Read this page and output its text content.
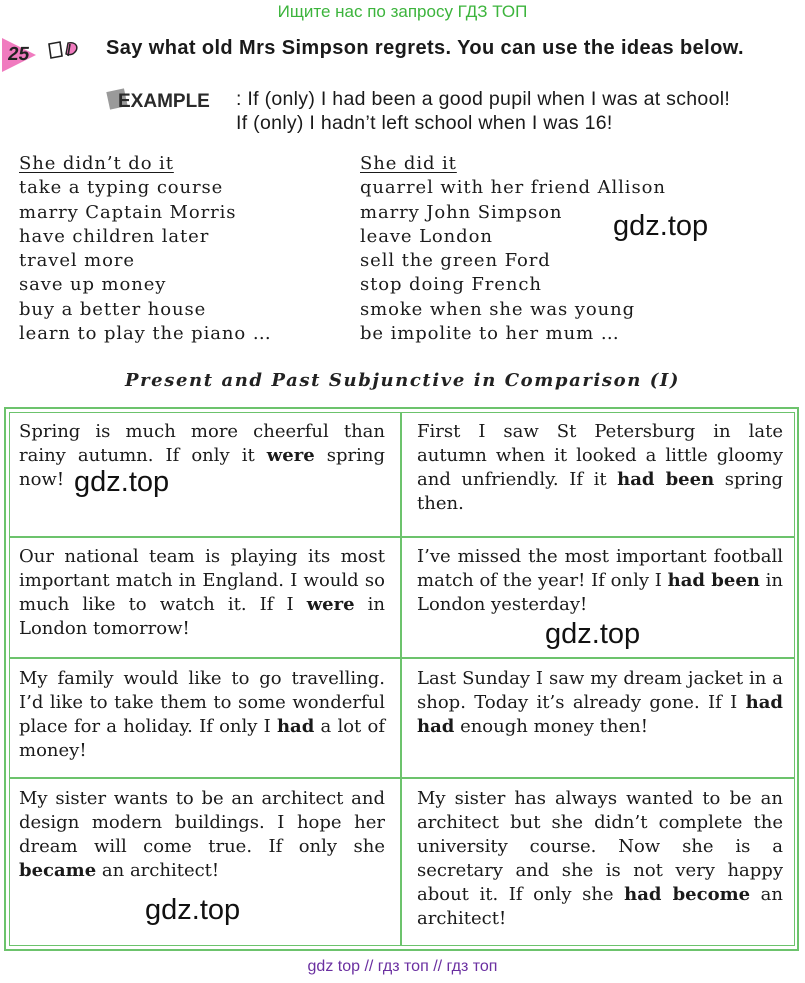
Ищите нас по запросу ГДЗ ТОП
25	Say what old Mrs Simpson regrets. You can use the ideas below.
EXAMPLE : If (only) I had been a good pupil when I was at school!
If (only) I hadn’t left school when I was 16!
She didn’t do it
take a typing course
marry Captain Morris
have children later
travel more
save up money
buy a better house
learn to play the piano …
She did it
quarrel with her friend Allison
marry John Simpson
leave London
sell the green Ford
stop doing French
smoke when she was young
be impolite to her mum …
gdz.top
Present and Past Subjunctive in Comparison (I)
Spring is much more cheerful than rainy autumn. If only it were spring now!
First I saw St Petersburg in late autumn when it looked a little gloomy and unfriendly. If it had been spring then.
Our national team is playing its most important match in England. I would so much like to watch it. If I were in London tomorrow!
I’ve missed the most important football match of the year! If only I had been in London yesterday!
My family would like to go travelling. I’d like to take them to some wonderful place for a holiday. If only I had a lot of money!
Last Sunday I saw my dream jacket in a shop. Today it’s already gone. If I had had enough money then!
My sister wants to be an architect and design modern buildings. I hope her dream will come true. If only she became an architect!
My sister has always wanted to be an architect but she didn’t complete the university course. Now she is a secretary and she is not very happy about it. If only she had become an architect!
gdz.top
gdz.top
gdz.top
gdz top // гдз топ // гдз топ
